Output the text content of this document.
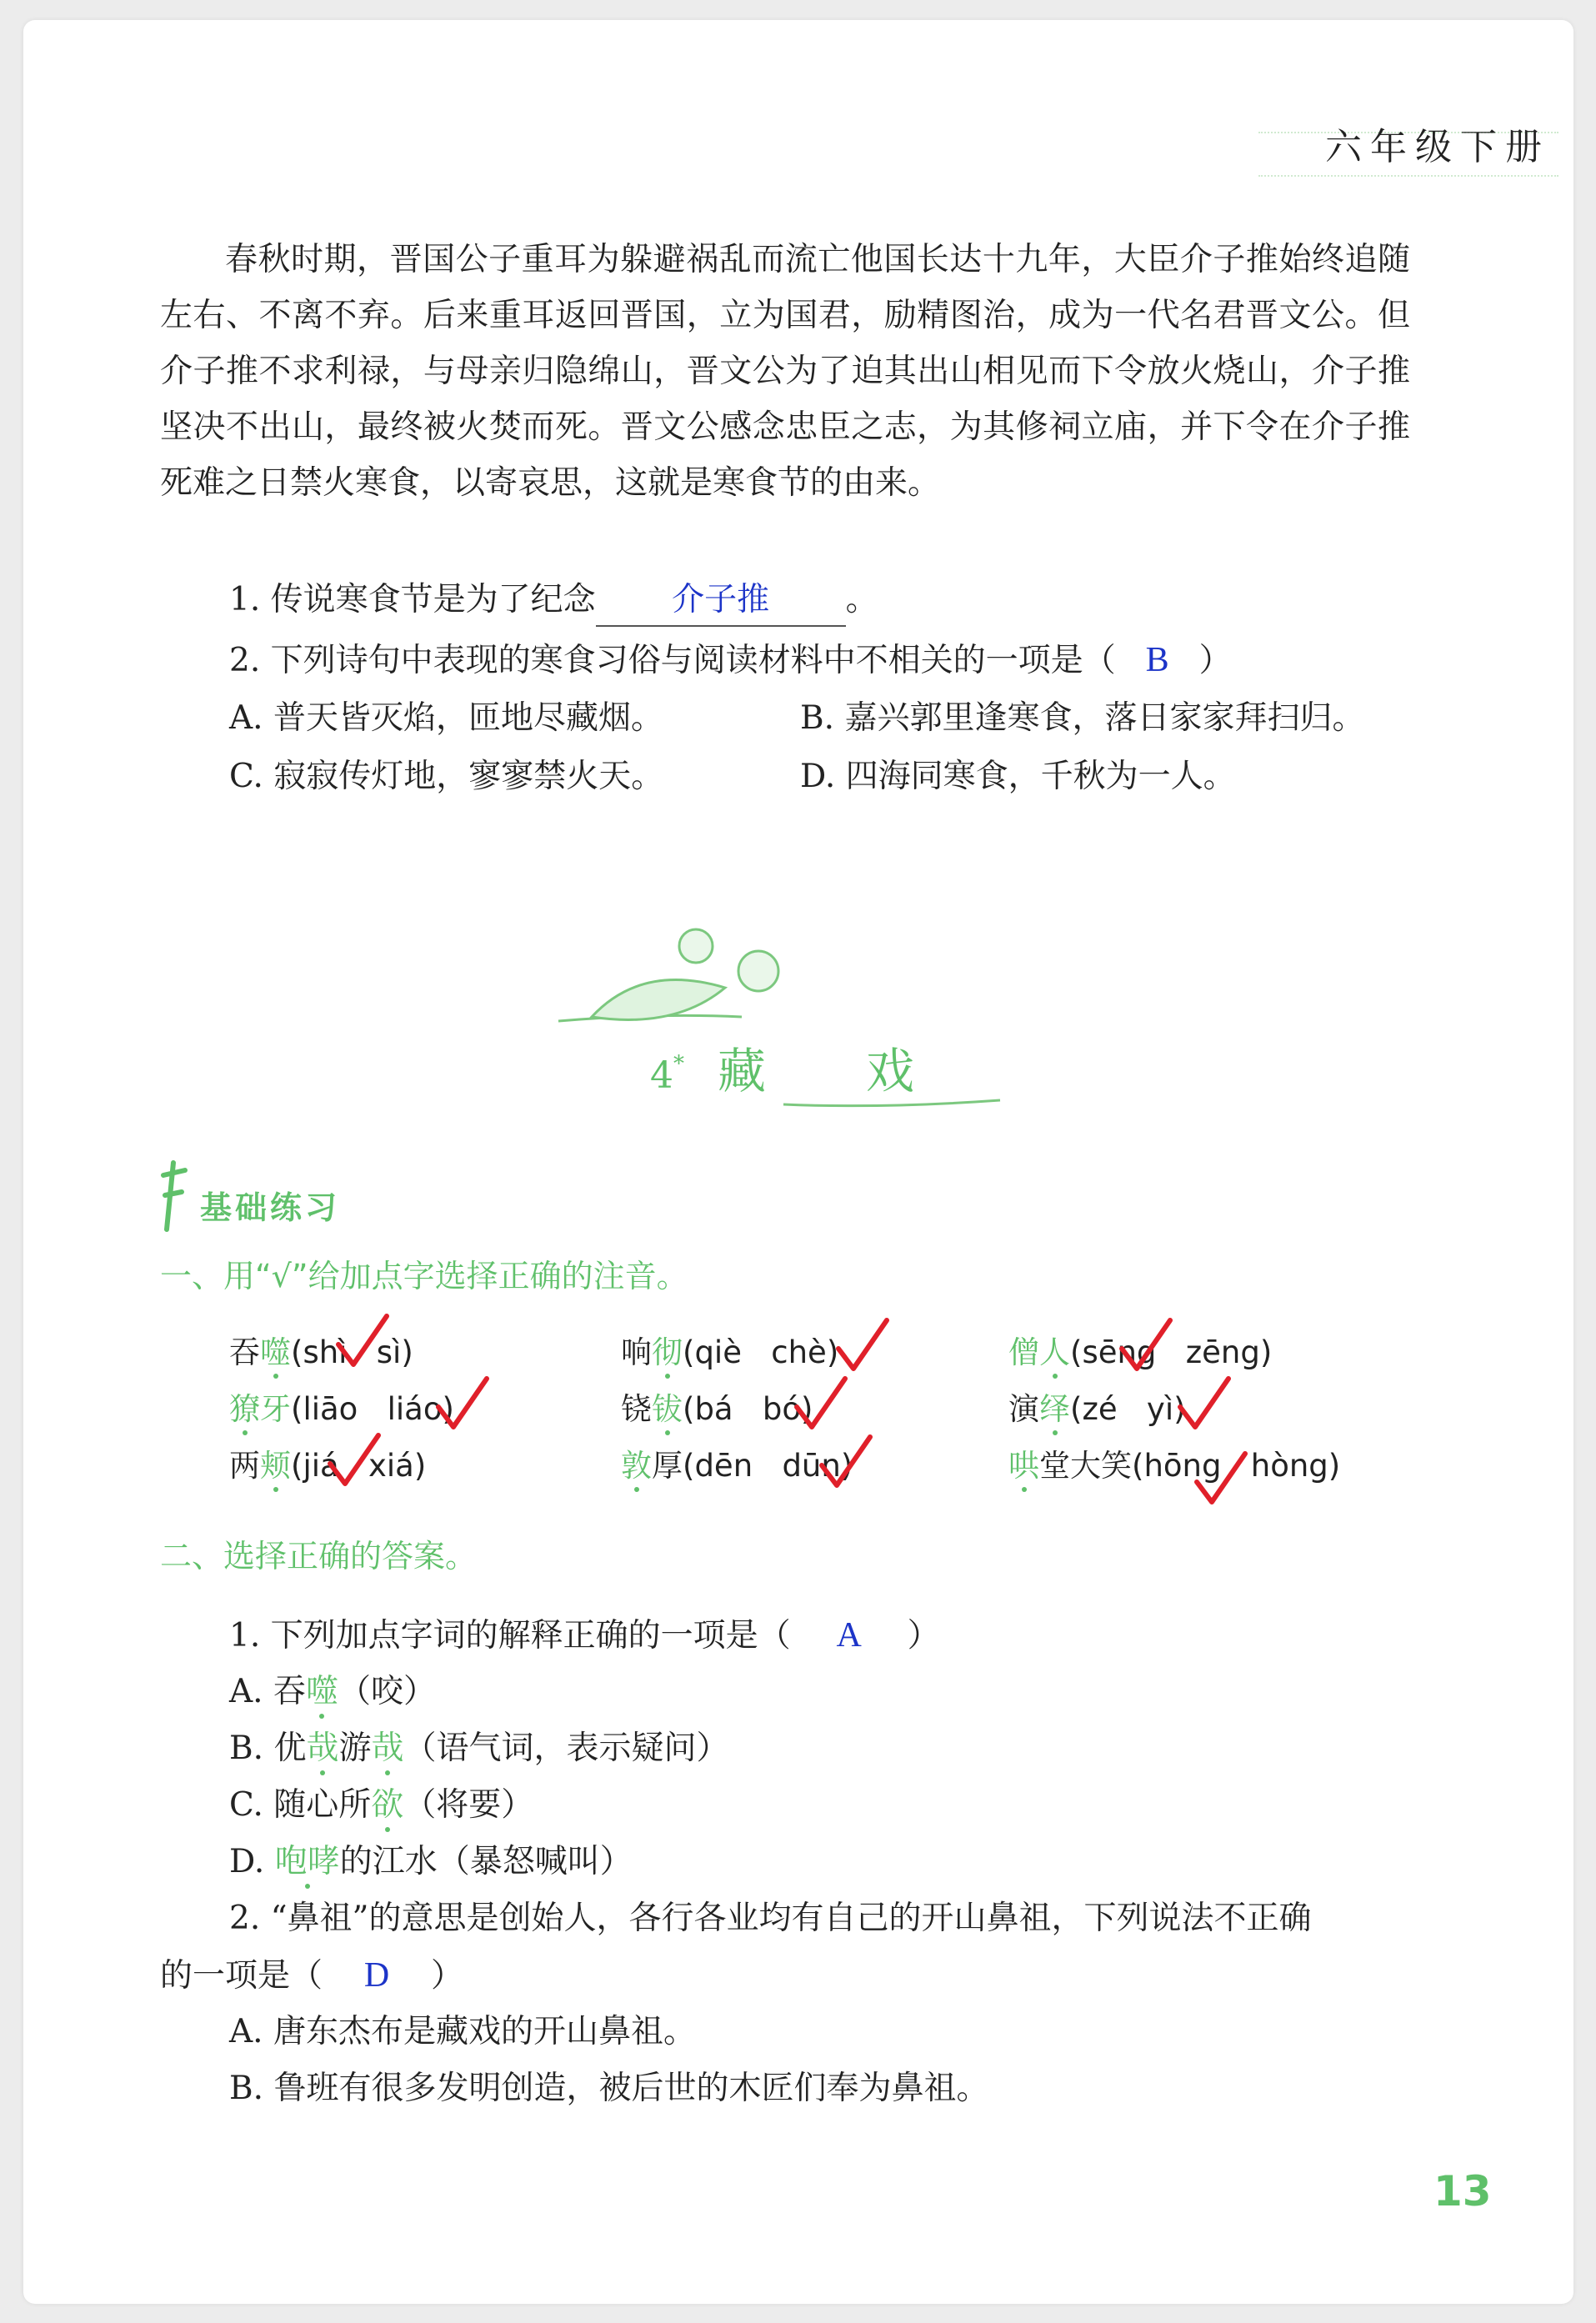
六年级下册

春秋时期，晋国公子重耳为躲避祸乱而流亡他国长达十九年，大臣介子推始终追随左右、不离不弃。后来重耳返回晋国，立为国君，励精图治，成为一代名君晋文公。但介子推不求利禄，与母亲归隐绵山，晋文公为了迫其出山相见而下令放火烧山，介子推坚决不出山，最终被火焚而死。晋文公感念忠臣之志，为其修祠立庙，并下令在介子推死难之日禁火寒食，以寄哀思，这就是寒食节的由来。

1. 传说寒食节是为了纪念 介子推 。
2. 下列诗句中表现的寒食习俗与阅读材料中不相关的一项是（ B ）
A. 普天皆灭焰，匝地尽藏烟。	B. 嘉兴郭里逢寒食，落日家家拜扫归。
C. 寂寂传灯地，寥寥禁火天。	D. 四海同寒食，千秋为一人。
4* 藏 戏
基础练习
一、用“√”给加点字选择正确的注音。
吞噬(shì sì)	响彻(qiè chè)	僧人(sēng zēng)
獠牙(liāo liáo)	铙钹(bá bó)	演绎(zé yì)
两颊(jiá xiá)	敦厚(dēn dūn)	哄堂大笑(hōng hòng)
二、选择正确的答案。
1. 下列加点字词的解释正确的一项是（ A ）
A. 吞噬（咬）
B. 优哉游哉（语气词，表示疑问）
C. 随心所欲（将要）
D. 咆哮的江水（暴怒喊叫）
2. “鼻祖”的意思是创始人，各行各业均有自己的开山鼻祖，下列说法不正确
的一项是（ D ）
A. 唐东杰布是藏戏的开山鼻祖。
B. 鲁班有很多发明创造，被后世的木匠们奉为鼻祖。
13
